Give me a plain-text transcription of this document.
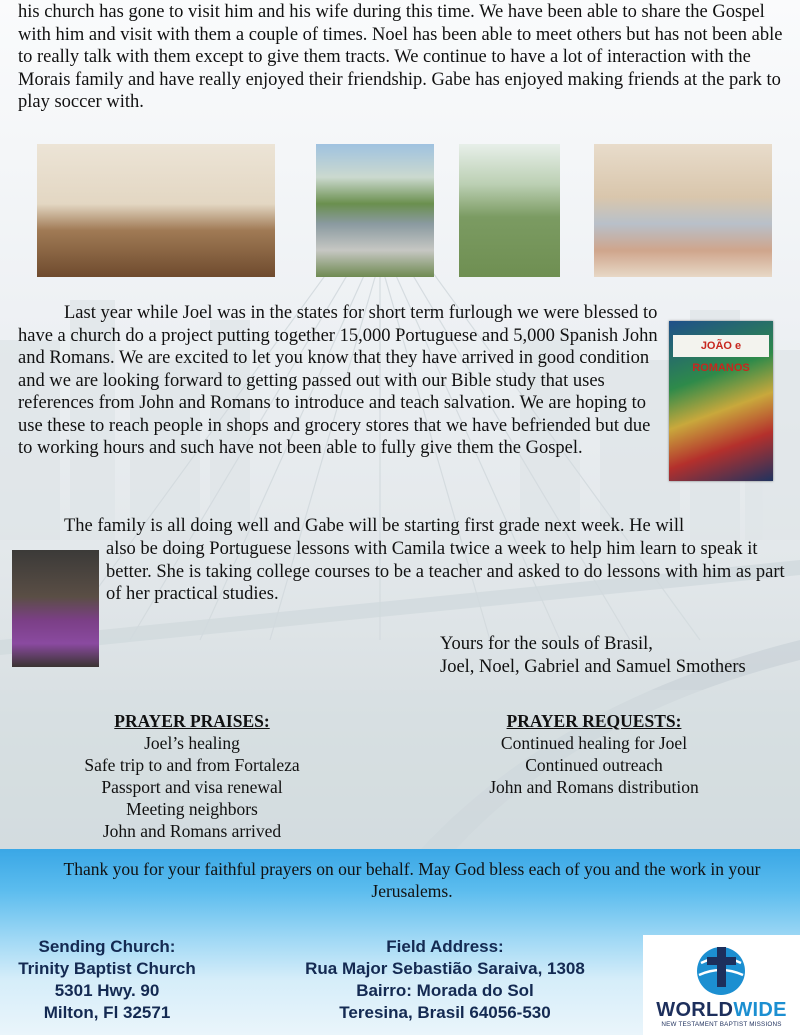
his church has gone to visit him and his wife during this time. We have been able to share the Gospel with him and visit with them a couple of times. Noel has been able to meet others but has not been able to really talk with them except to give them tracts. We continue to have a lot of interaction with the Morais family and have really enjoyed their friendship. Gabe has enjoyed making friends at the park to play soccer with.

Last year while Joel was in the states for short term furlough we were blessed to have a church do a project putting together 15,000 Portuguese and 5,000 Spanish John and Romans. We are excited to let you know that they have arrived in good condition and we are looking forward to getting passed out with our Bible study that uses references from John and Romans to introduce and teach salvation. We are hoping to use these to reach people in shops and grocery stores that we have befriended but due to working hours and such have not been able to fully give them the Gospel.

JOÃO e ROMANOS

The family is all doing well and Gabe will be starting first grade next week. He will

also be doing Portuguese lessons with Camila twice a week to help him learn to speak it better. She is taking college courses to be a teacher and asked to do lessons with him as part of her practical studies.

Yours for the souls of Brasil,
Joel, Noel, Gabriel and Samuel Smothers
PRAYER PRAISES:
Joel’s healing
Safe trip to and from Fortaleza
Passport and visa renewal
Meeting neighbors
John and Romans arrived
PRAYER REQUESTS:
Continued healing for Joel
Continued outreach
John and Romans distribution

Thank you for your faithful prayers on our behalf. May God bless each of you and the work in your Jerusalems.

Sending Church:
Trinity Baptist Church
5301 Hwy. 90
Milton, Fl 32571
Field Address:
Rua Major Sebastião Saraiva, 1308
Bairro: Morada do Sol
Teresina, Brasil 64056-530	WORLDWIDE
NEW TESTAMENT BAPTIST MISSIONS
